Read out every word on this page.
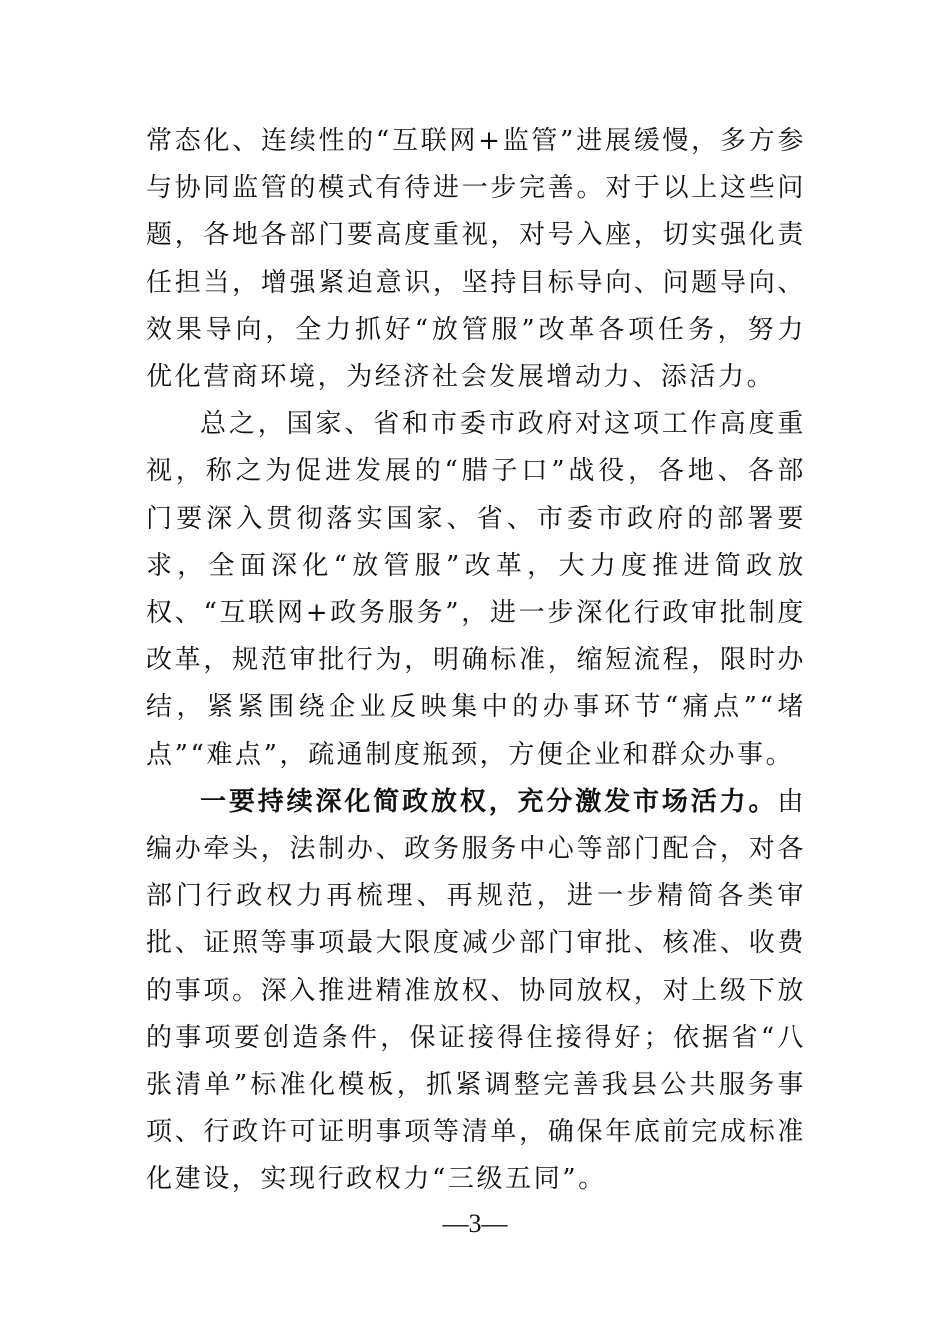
常态化、连续性的“互联网+监管”进展缓慢，多方参与协同监管的模式有待进一步完善。对于以上这些问题，各地各部门要高度重视，对号入座，切实强化责任担当，增强紧迫意识，坚持目标导向、问题导向、效果导向，全力抓好“放管服”改革各项任务，努力优化营商环境，为经济社会发展增动力、添活力。

总之，国家、省和市委市政府对这项工作高度重视，称之为促进发展的“腊子口”战役，各地、各部门要深入贯彻落实国家、省、市委市政府的部署要求，全面深化“放管服”改革，大力度推进简政放权、“互联网+政务服务”，进一步深化行政审批制度改革，规范审批行为，明确标准，缩短流程，限时办结，紧紧围绕企业反映集中的办事环节“痛点”“堵点”“难点”，疏通制度瓶颈，方便企业和群众办事。

一要持续深化简政放权，充分激发市场活力。由编办牵头，法制办、政务服务中心等部门配合，对各部门行政权力再梳理、再规范，进一步精简各类审批、证照等事项最大限度减少部门审批、核准、收费的事项。深入推进精准放权、协同放权，对上级下放的事项要创造条件，保证接得住接得好；依据省“八张清单”标准化模板，抓紧调整完善我县公共服务事项、行政许可证明事项等清单，确保年底前完成标准化建设，实现行政权力“三级五同”。

—3—
